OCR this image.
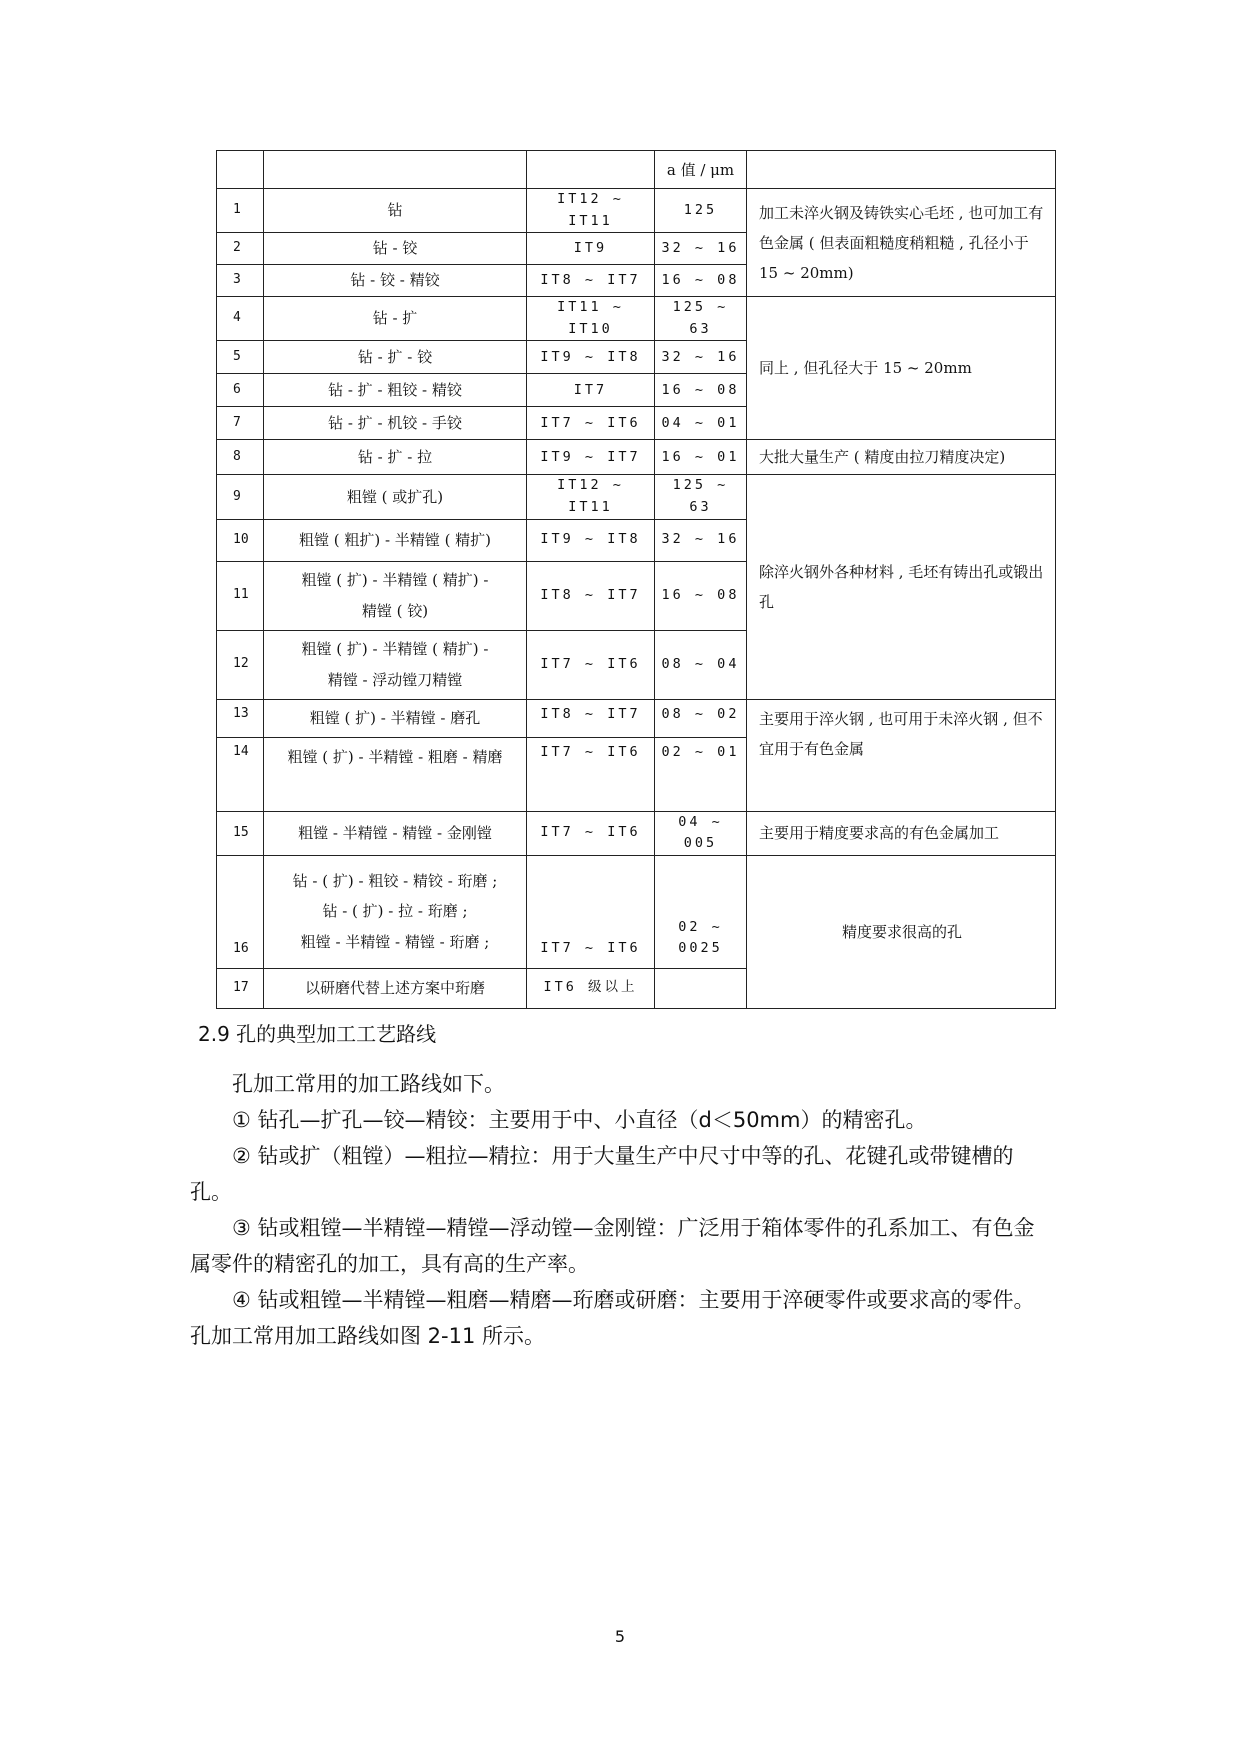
			a 值 / μm	
1	钻	IT12 ~ IT11	125	加工未淬火钢及铸铁实心毛坯 , 也可加工有色金属 ( 但表面粗糙度稍粗糙 , 孔径小于 15 ~ 20mm)
2	钻 - 铰	IT9	32 ~ 16	
3	钻 - 铰 - 精铰	IT8 ~ IT7	16 ~ 08	
4	钻 - 扩	IT11 ~ IT10	125 ~ 63	同上 , 但孔径大于 15 ~ 20mm
5	钻 - 扩 - 铰	IT9 ~ IT8	32 ~ 16	
6	钻 - 扩 - 粗铰 - 精铰	IT7	16 ~ 08	
7	钻 - 扩 - 机铰 - 手铰	IT7 ~ IT6	04 ~ 01	
8	钻 - 扩 - 拉	IT9 ~ IT7	16 ~ 01	大批大量生产 ( 精度由拉刀精度决定)
9	粗镗 ( 或扩孔)	IT12 ~ IT11	125 ~ 63	除淬火钢外各种材料 , 毛坯有铸出孔或锻出孔
10	粗镗 ( 粗扩) - 半精镗 ( 精扩)	IT9 ~ IT8	32 ~ 16	
11	粗镗 ( 扩) - 半精镗 ( 精扩) -
精镗 ( 铰)	IT8 ~ IT7	16 ~ 08	
12	粗镗 ( 扩) - 半精镗 ( 精扩) -
精镗 - 浮动镗刀精镗	IT7 ~ IT6	08 ~ 04	
13	粗镗 ( 扩) - 半精镗 - 磨孔	IT8 ~ IT7	08 ~ 02	主要用于淬火钢 , 也可用于未淬火钢 , 但不宜用于有色金属
14	粗镗 ( 扩) - 半精镗 - 粗磨 - 精磨	IT7 ~ IT6	02 ~ 01	
15	粗镗 - 半精镗 - 精镗 - 金刚镗	IT7 ~ IT6	04 ~ 005	主要用于精度要求高的有色金属加工
16	钻 - ( 扩) - 粗铰 - 精铰 - 珩磨 ;
钻 - ( 扩) - 拉 - 珩磨 ;
粗镗 - 半精镗 - 精镗 - 珩磨 ;	IT7 ~ IT6	02 ~ 0025	精度要求很高的孔
17	以研磨代替上述方案中珩磨	IT6 级以上		
2.9 孔的典型加工工艺路线
孔加工常用的加工路线如下。
① 钻孔—扩孔—铰—精铰：主要用于中、小直径（d＜50mm）的精密孔。
② 钻或扩（粗镗）—粗拉—精拉：用于大量生产中尺寸中等的孔、花键孔或带键槽的孔。
③ 钻或粗镗—半精镗—精镗—浮动镗—金刚镗：广泛用于箱体零件的孔系加工、有色金属零件的精密孔的加工，具有高的生产率。
④ 钻或粗镗—半精镗—粗磨—精磨—珩磨或研磨：主要用于淬硬零件或要求高的零件。
孔加工常用加工路线如图 2-11 所示。
5
